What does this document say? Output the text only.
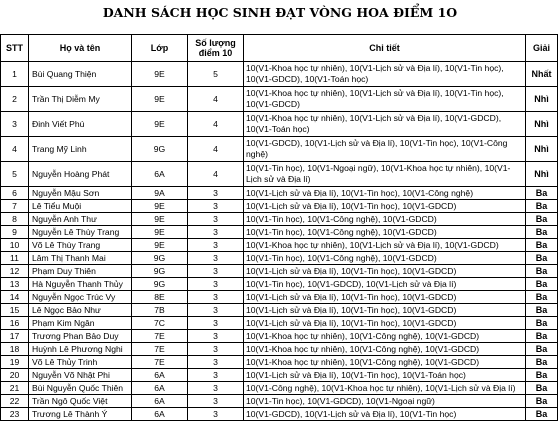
DANH SÁCH HỌC SINH ĐẠT VÒNG HOA ĐIỂM 1O
STT	Họ và tên	Lớp	Số lượng điểm 10	Chi tiết	Giải
1	Bùi Quang Thiện	9E	5	10(V1-Khoa học tự nhiên), 10(V1-Lịch sử và Địa lí), 10(V1-Tin học), 10(V1-GDCD), 10(V1-Toán học)	Nhất
2	Trần Thị Diễm My	9E	4	10(V1-Khoa học tự nhiên), 10(V1-Lịch sử và Địa lí), 10(V1-Tin học), 10(V1-GDCD)	Nhì
3	Đinh Viết Phú	9E	4	10(V1-Khoa học tự nhiên), 10(V1-Lịch sử và Địa lí), 10(V1-GDCD), 10(V1-Toán học)	Nhì
4	Trang Mỹ Linh	9G	4	10(V1-GDCD), 10(V1-Lịch sử và Địa lí), 10(V1-Tin học), 10(V1-Công nghệ)	Nhì
5	Nguyễn Hoàng Phát	6A	4	10(V1-Tin học), 10(V1-Ngoại ngữ), 10(V1-Khoa học tự nhiên), 10(V1-Lịch sử và Địa lí)	Nhì
6	Nguyễn Mậu Sơn	9A	3	10(V1-Lịch sử và Địa lí), 10(V1-Tin học), 10(V1-Công nghệ)	Ba
7	Lê Tiểu Muội	9E	3	10(V1-Lịch sử và Địa lí), 10(V1-Tin học), 10(V1-GDCD)	Ba
8	Nguyễn Anh Thư	9E	3	10(V1-Tin học), 10(V1-Công nghệ), 10(V1-GDCD)	Ba
9	Nguyễn Lê Thùy Trang	9E	3	10(V1-Tin học), 10(V1-Công nghệ), 10(V1-GDCD)	Ba
10	Võ Lê Thùy Trang	9E	3	10(V1-Khoa học tự nhiên), 10(V1-Lịch sử và Địa lí), 10(V1-GDCD)	Ba
11	Lâm Thị Thanh Mai	9G	3	10(V1-Tin học), 10(V1-Công nghệ), 10(V1-GDCD)	Ba
12	Phạm Duy Thiên	9G	3	10(V1-Lịch sử và Địa lí), 10(V1-Tin học), 10(V1-GDCD)	Ba
13	Hà Nguyễn Thanh Thủy	9G	3	10(V1-Tin học), 10(V1-GDCD), 10(V1-Lịch sử và Địa lí)	Ba
14	Nguyễn Ngọc Trúc Vy	8E	3	10(V1-Lịch sử và Địa lí), 10(V1-Tin học), 10(V1-GDCD)	Ba
15	Lê Ngọc Bảo Như	7B	3	10(V1-Lịch sử và Địa lí), 10(V1-Tin học), 10(V1-GDCD)	Ba
16	Phạm Kim Ngân	7C	3	10(V1-Lịch sử và Địa lí), 10(V1-Tin học), 10(V1-GDCD)	Ba
17	Trương Phan Bảo Duy	7E	3	10(V1-Khoa học tự nhiên), 10(V1-Công nghệ), 10(V1-GDCD)	Ba
18	Huỳnh Lê Phương Nghi	7E	3	10(V1-Khoa học tự nhiên), 10(V1-Công nghệ), 10(V1-GDCD)	Ba
19	Võ Lê Thủy Trinh	7E	3	10(V1-Khoa học tự nhiên), 10(V1-Công nghệ), 10(V1-GDCD)	Ba
20	Nguyễn Võ Nhật Phi	6A	3	10(V1-Lịch sử và Địa lí), 10(V1-Tin học), 10(V1-Toán học)	Ba
21	Bùi Nguyễn Quốc Thiên	6A	3	10(V1-Công nghệ), 10(V1-Khoa học tự nhiên), 10(V1-Lịch sử và Địa lí)	Ba
22	Trần Ngô Quốc Việt	6A	3	10(V1-Tin học), 10(V1-GDCD), 10(V1-Ngoại ngữ)	Ba
23	Trương Lê Thành Ý	6A	3	10(V1-GDCD), 10(V1-Lịch sử và Địa lí), 10(V1-Tin học)	Ba
